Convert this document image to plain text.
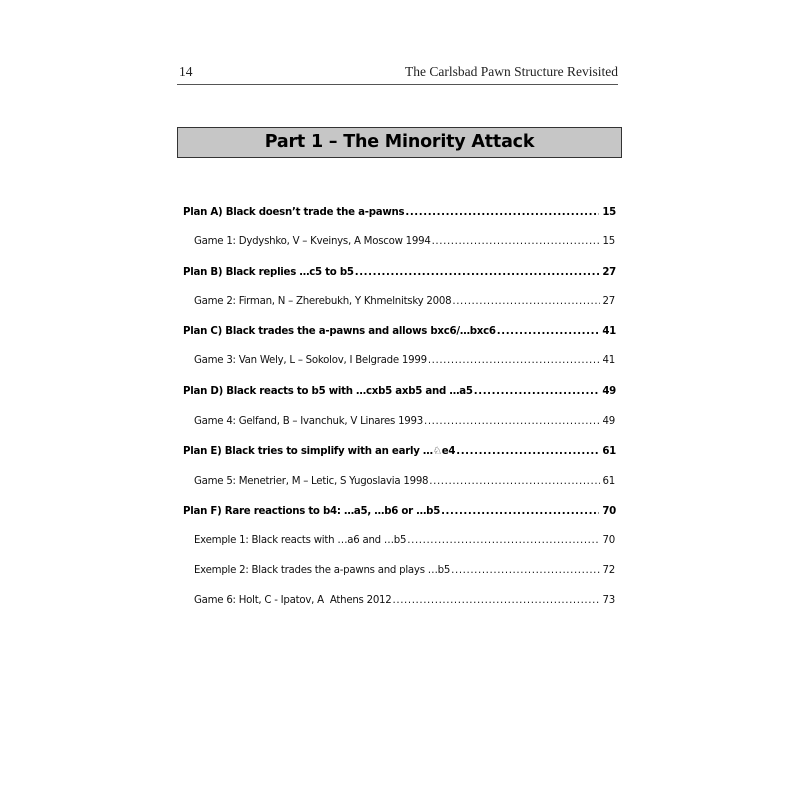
14	The Carlsbad Pawn Structure Revisited
Part 1 – The Minority Attack
Plan A) Black doesn’t trade the a-pawns .....	15
Game 1: Dydyshko, V – Kveinys, A Moscow 1994 .....	15
Plan B) Black replies …c5 to b5 .....	27
Game 2: Firman, N – Zherebukh, Y Khmelnitsky 2008 .....	27
Plan C) Black trades the a-pawns and allows bxc6/…bxc6 .....	41
Game 3: Van Wely, L – Sokolov, I Belgrade 1999 .....	41
Plan D) Black reacts to b5 with …cxb5 axb5 and …a5 .....	49
Game 4: Gelfand, B – Ivanchuk, V Linares 1993 .....	49
Plan E) Black tries to simplify with an early …♘e4 .....	61
Game 5: Menetrier, M – Letic, S Yugoslavia 1998 .....	61
Plan F) Rare reactions to b4: …a5, …b6 or …b5 .....	70
Exemple 1: Black reacts with …a6 and …b5 .....	70
Exemple 2: Black trades the a-pawns and plays …b5 .....	72
Game 6: Holt, C - Ipatov, A  Athens 2012 .....	73
